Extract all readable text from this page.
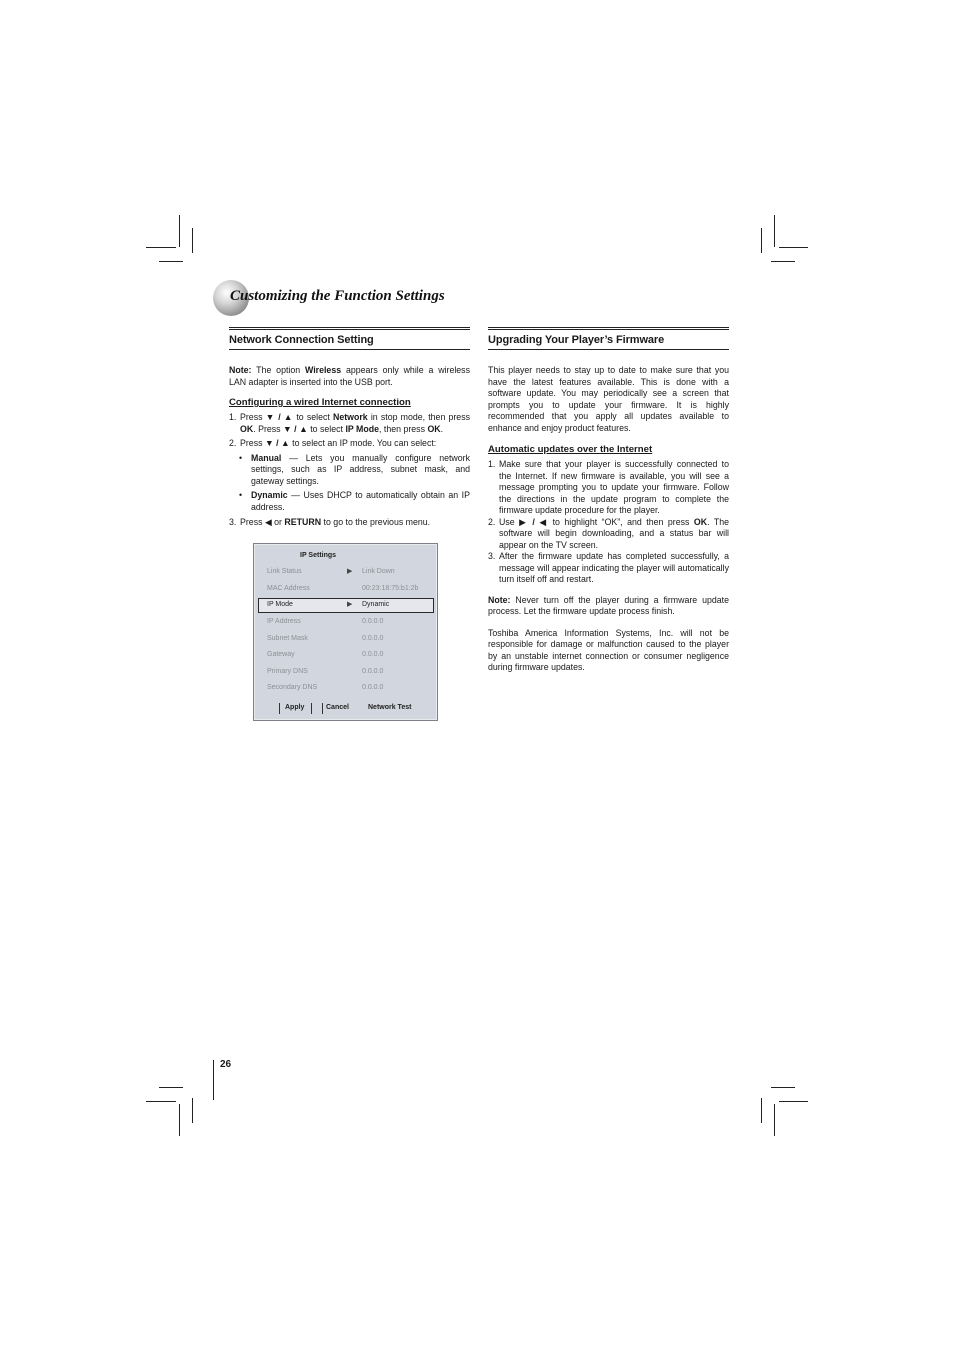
Customizing the Function Settings
Network Connection Setting

Note: The option Wireless appears only while a wireless LAN adapter is inserted into the USB port.

Configuring a wired Internet connection
1. Press ▼ / ▲ to select Network in stop mode, then press OK. Press ▼ / ▲ to select IP Mode, then press OK.
2. Press ▼ / ▲ to select an IP mode. You can select:
•	Manual — Lets you manually configure network settings, such as IP address, subnet mask, and gateway settings.
•	Dynamic — Uses DHCP to automatically obtain an IP address.
3. Press ◀ or RETURN to go to the previous menu.
IP Settings
Link Status	▶ Link Down
MAC Address	00:23:18:75:b1:2b
IP Mode	▶ Dynamic
IP Address	0.0.0.0
Subnet Mask	0.0.0.0
Gateway	0.0.0.0
Primary DNS	0.0.0.0
Secondary DNS	0.0.0.0
Apply	Cancel	Network Test
Upgrading Your Player’s Firmware

This player needs to stay up to date to make sure that you have the latest features available. This is done with a software update. You may periodically see a screen that prompts you to update your firmware. It is highly recommended that you apply all updates available to enhance and enjoy product features.

Automatic updates over the Internet
1. Make sure that your player is successfully connected to the Internet. If new firmware is available, you will see a message prompting you to update your firmware. Follow the directions in the update program to complete the firmware update procedure for the player.
2. Use ▶ / ◀ to highlight “OK”, and then press OK. The software will begin downloading, and a status bar will appear on the TV screen.
3. After the firmware update has completed successfully, a message will appear indicating the player will automatically turn itself off and restart.

Note: Never turn off the player during a firmware update process. Let the firmware update process finish.

Toshiba America Information Systems, Inc. will not be responsible for damage or malfunction caused to the player by an unstable internet connection or consumer negligence during firmware updates.

26
